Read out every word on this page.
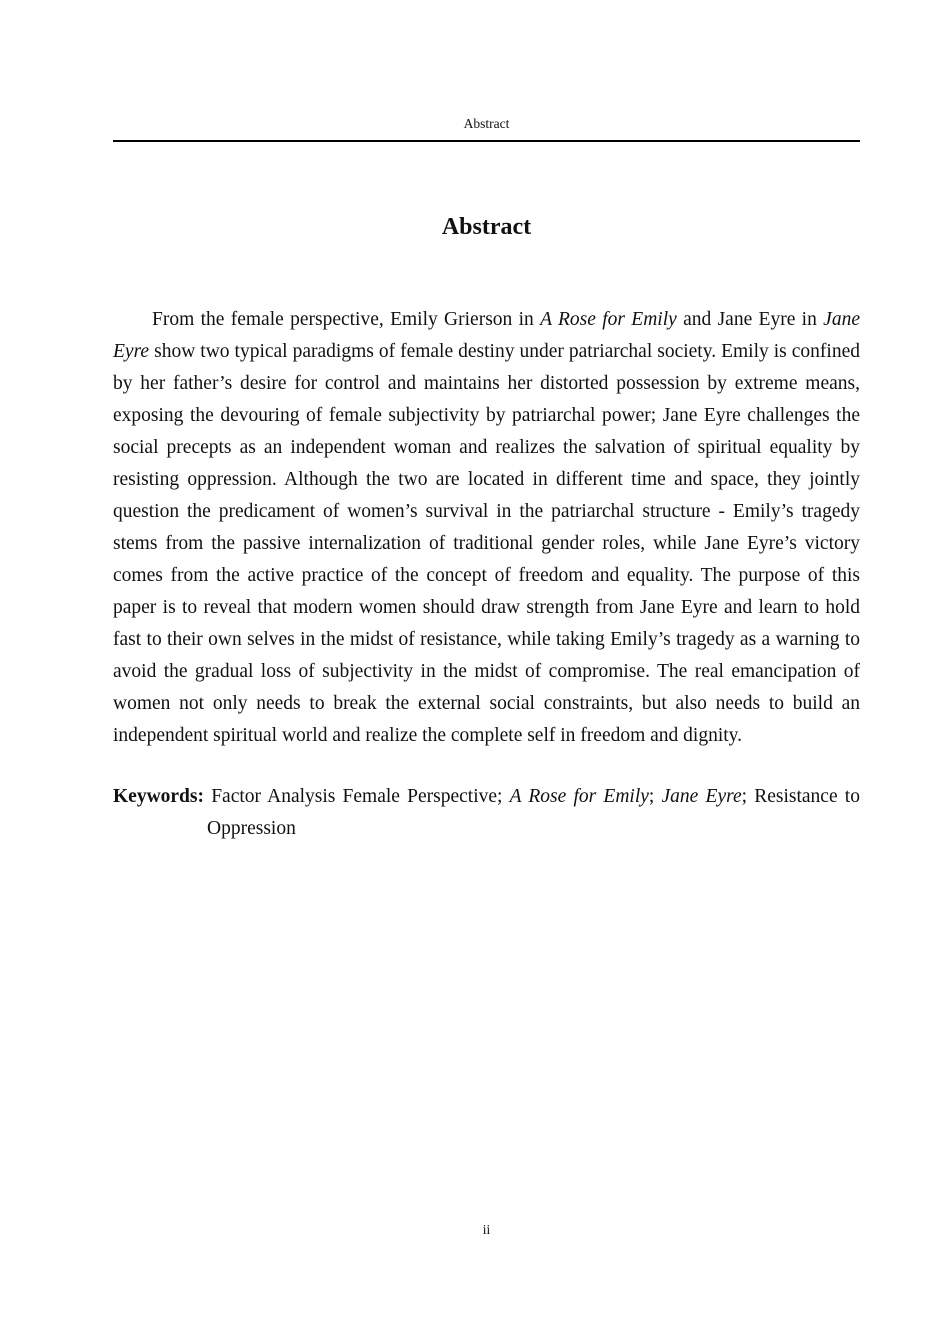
Abstract
Abstract

From the female perspective, Emily Grierson in A Rose for Emily and Jane Eyre in Jane Eyre show two typical paradigms of female destiny under patriarchal society. Emily is confined by her father’s desire for control and maintains her distorted possession by extreme means, exposing the devouring of female subjectivity by patriarchal power; Jane Eyre challenges the social precepts as an independent woman and realizes the salvation of spiritual equality by resisting oppression. Although the two are located in different time and space, they jointly question the predicament of women’s survival in the patriarchal structure - Emily’s tragedy stems from the passive internalization of traditional gender roles, while Jane Eyre’s victory comes from the active practice of the concept of freedom and equality. The purpose of this paper is to reveal that modern women should draw strength from Jane Eyre and learn to hold fast to their own selves in the midst of resistance, while taking Emily’s tragedy as a warning to avoid the gradual loss of subjectivity in the midst of compromise. The real emancipation of women not only needs to break the external social constraints, but also needs to build an independent spiritual world and realize the complete self in freedom and dignity.

Keywords: Factor Analysis Female Perspective; A Rose for Emily; Jane Eyre; Resistance to Oppression

ii
